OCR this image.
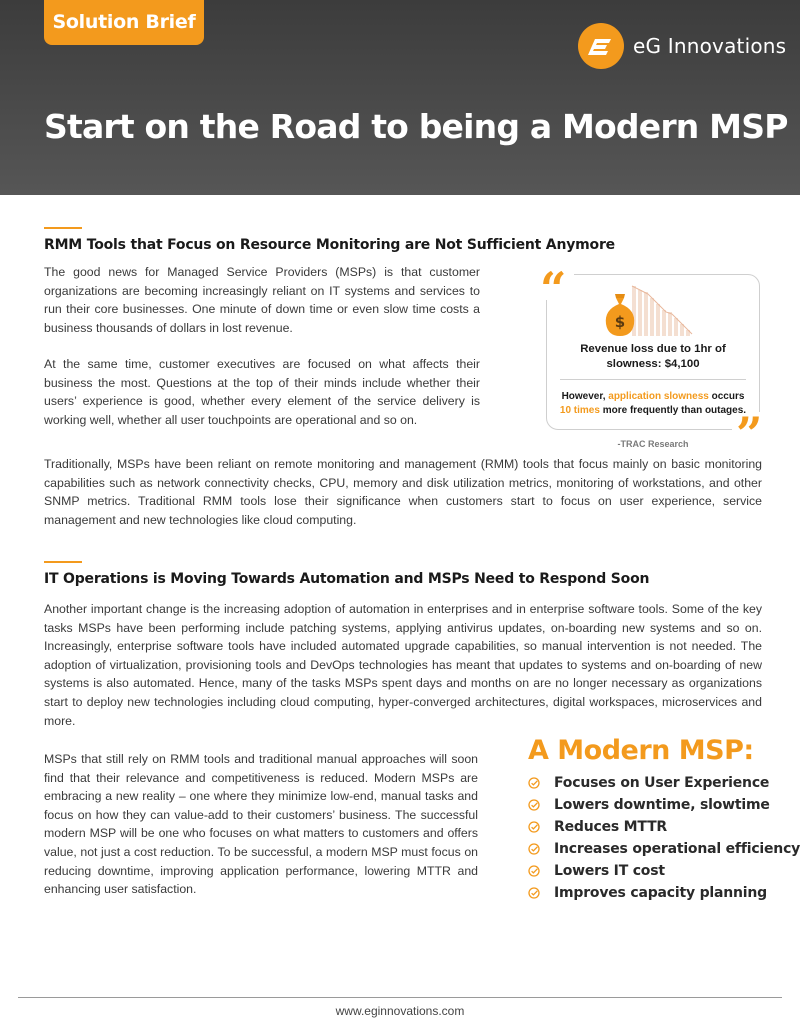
Solution Brief
eG Innovations
Start on the Road to being a Modern MSP
RMM Tools that Focus on Resource Monitoring are Not Sufficient Anymore

The good news for Managed Service Providers (MSPs) is that customer organizations are becoming increasingly reliant on IT systems and services to run their core businesses. One minute of down time or even slow time costs a business thousands of dollars in lost revenue.

At the same time, customer executives are focused on what affects their business the most. Questions at the top of their minds include whether their users’ experience is good, whether every element of the service delivery is working well, whether all user touchpoints are operational and so on.

“
”
$
Revenue loss due to 1hr of slowness: $4,100
However, application slowness occurs
10 times more frequently than outages.
-TRAC Research

Traditionally, MSPs have been reliant on remote monitoring and management (RMM) tools that focus mainly on basic monitoring capabilities such as network connectivity checks, CPU, memory and disk utilization metrics, monitoring of workstations, and other SNMP metrics. Traditional RMM tools lose their significance when customers start to focus on user experience, service management and new technologies like cloud computing.

IT Operations is Moving Towards Automation and MSPs Need to Respond Soon

Another important change is the increasing adoption of automation in enterprises and in enterprise software tools. Some of the key tasks MSPs have been performing include patching systems, applying antivirus updates, on-boarding new systems and so on. Increasingly, enterprise software tools have included automated upgrade capabilities, so manual intervention is not needed. The adoption of virtualization, provisioning tools and DevOps technologies has meant that updates to systems and on-boarding of new systems is also automated. Hence, many of the tasks MSPs spent days and months on are no longer necessary as organizations start to deploy new technologies including cloud computing, hyper-converged architectures, digital workspaces, microservices and more.

MSPs that still rely on RMM tools and traditional manual approaches will soon find that their relevance and competitiveness is reduced. Modern MSPs are embracing a new reality – one where they minimize low-end, manual tasks and focus on how they can value-add to their customers’ business. The successful modern MSP will be one who focuses on what matters to customers and offers value, not just a cost reduction. To be successful, a modern MSP must focus on reducing downtime, improving application performance, lowering MTTR and enhancing user satisfaction.

A Modern MSP:
Focuses on User Experience
Lowers downtime, slowtime
Reduces MTTR
Increases operational efficiency
Lowers IT cost
Improves capacity planning
www.eginnovations.com
